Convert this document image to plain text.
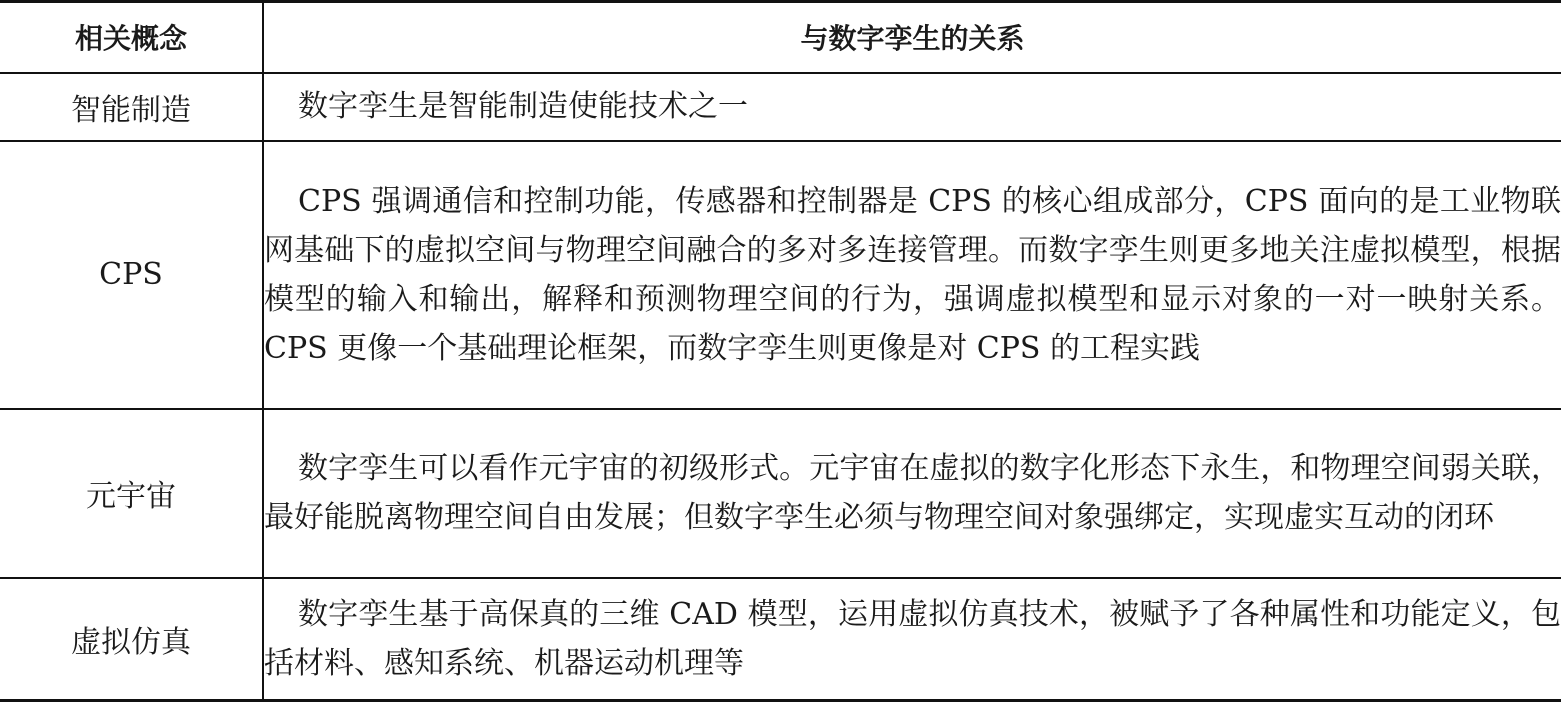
相关概念	与数字孪生的关系
智能制造	数字孪生是智能制造使能技术之一
CPS	CPS 强调通信和控制功能，传感器和控制器是 CPS 的核心组成部分，CPS 面向的是工业物联网基础下的虚拟空间与物理空间融合的多对多连接管理。而数字孪生则更多地关注虚拟模型，根据模型的输入和输出，解释和预测物理空间的行为，强调虚拟模型和显示对象的一对一映射关系。CPS 更像一个基础理论框架，而数字孪生则更像是对 CPS 的工程实践
元宇宙	数字孪生可以看作元宇宙的初级形式。元宇宙在虚拟的数字化形态下永生，和物理空间弱关联，最好能脱离物理空间自由发展；但数字孪生必须与物理空间对象强绑定，实现虚实互动的闭环
虚拟仿真	数字孪生基于高保真的三维 CAD 模型，运用虚拟仿真技术，被赋予了各种属性和功能定义，包括材料、感知系统、机器运动机理等
